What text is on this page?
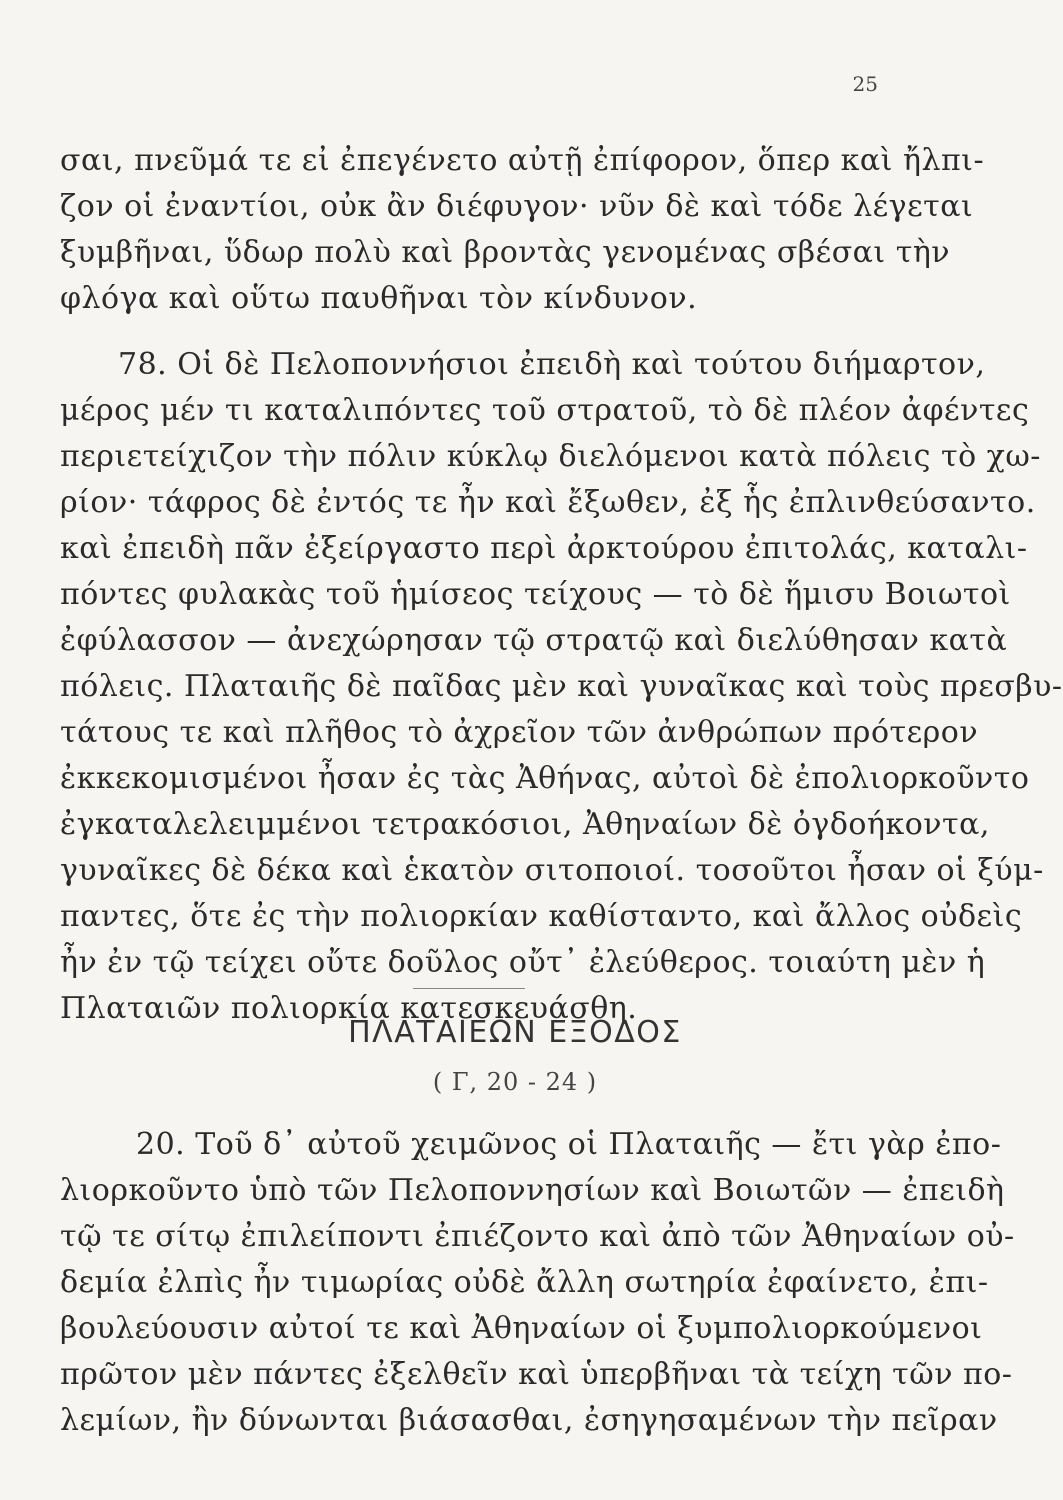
25
σαι, πνεῦμά τε εἰ ἐπεγένετο αὐτῇ ἐπίφορον, ὅπερ καὶ ἤλπι-
ζον οἱ ἐναντίοι, οὐκ ἂν διέφυγον· νῦν δὲ καὶ τόδε λέγεται
ξυμβῆναι, ὕδωρ πολὺ καὶ βροντὰς γενομένας σβέσαι τὴν
φλόγα καὶ οὕτω παυθῆναι τὸν κίνδυνον.
78. Οἱ δὲ Πελοποννήσιοι ἐπειδὴ καὶ τούτου διήμαρτον,
μέρος μέν τι καταλιπόντες τοῦ στρατοῦ, τὸ δὲ πλέον ἀφέντες
περιετείχιζον τὴν πόλιν κύκλῳ διελόμενοι κατὰ πόλεις τὸ χω-
ρίον· τάφρος δὲ ἐντός τε ἦν καὶ ἔξωθεν, ἐξ ἧς ἐπλινθεύσαντο.
καὶ ἐπειδὴ πᾶν ἐξείργαστο περὶ ἀρκτούρου ἐπιτολάς, καταλι-
πόντες φυλακὰς τοῦ ἡμίσεος τείχους — τὸ δὲ ἥμισυ Βοιωτοὶ
ἐφύλασσον — ἀνεχώρησαν τῷ στρατῷ καὶ διελύθησαν κατὰ
πόλεις. Πλαταιῆς δὲ παῖδας μὲν καὶ γυναῖκας καὶ τοὺς πρεσβυ-
τάτους τε καὶ πλῆθος τὸ ἀχρεῖον τῶν ἀνθρώπων πρότερον
ἐκκεκομισμένοι ἦσαν ἐς τὰς Ἀθήνας, αὐτοὶ δὲ ἐπολιορκοῦντο
ἐγκαταλελειμμένοι τετρακόσιοι, Ἀθηναίων δὲ ὀγδοήκοντα,
γυναῖκες δὲ δέκα καὶ ἑκατὸν σιτοποιοί. τοσοῦτοι ἦσαν οἱ ξύμ-
παντες, ὅτε ἐς τὴν πολιορκίαν καθίσταντο, καὶ ἄλλος οὐδεὶς
ἦν ἐν τῷ τείχει οὔτε δοῦλος οὔτ᾽ ἐλεύθερος. τοιαύτη μὲν ἡ
Πλαταιῶν πολιορκία κατεσκευάσθη.
ΠΛΑΤΑΙΕΩΝ ΕΞΟΔΟΣ
( Γ, 20 - 24 )
20. Τοῦ δ᾽ αὐτοῦ χειμῶνος οἱ Πλαταιῆς — ἔτι γὰρ ἐπο-
λιορκοῦντο ὑπὸ τῶν Πελοποννησίων καὶ Βοιωτῶν — ἐπειδὴ
τῷ τε σίτῳ ἐπιλείποντι ἐπιέζοντο καὶ ἀπὸ τῶν Ἀθηναίων οὐ-
δεμία ἐλπὶς ἦν τιμωρίας οὐδὲ ἄλλη σωτηρία ἐφαίνετο, ἐπι-
βουλεύουσιν αὐτοί τε καὶ Ἀθηναίων οἱ ξυμπολιορκούμενοι
πρῶτον μὲν πάντες ἐξελθεῖν καὶ ὑπερβῆναι τὰ τείχη τῶν πο-
λεμίων, ἢν δύνωνται βιάσασθαι, ἐσηγησαμένων τὴν πεῖραν
